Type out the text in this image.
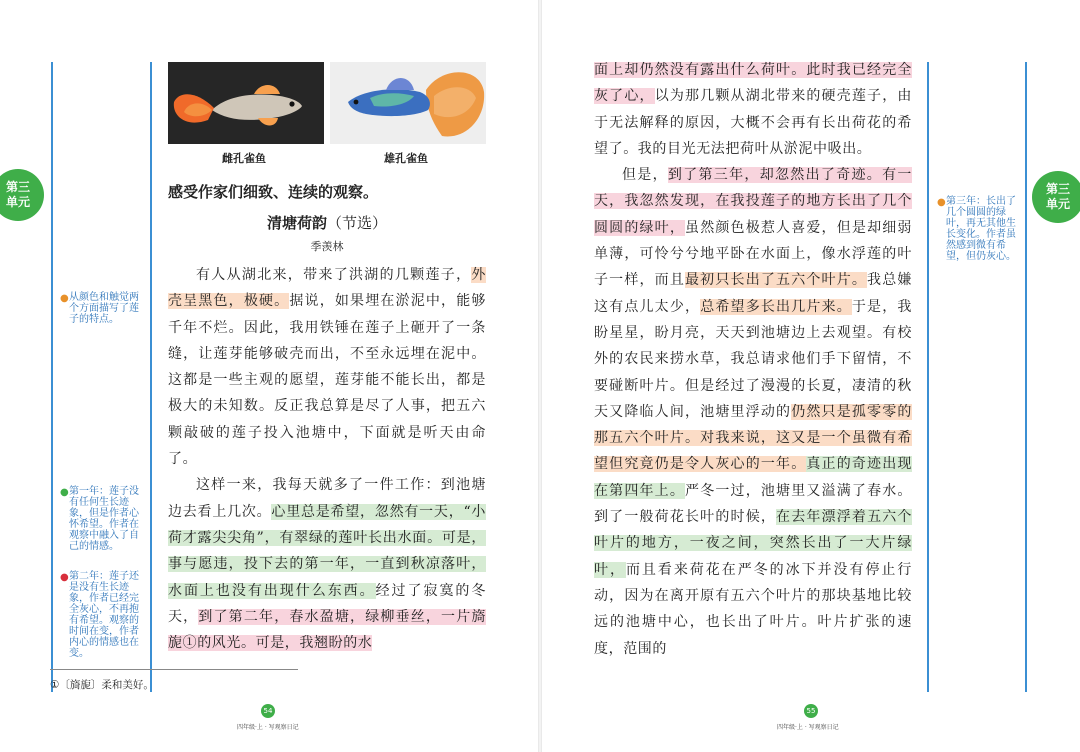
第三单元
● 从颜色和触觉两个方面描写了莲子的特点。
● 第一年：莲子没有任何生长迹象，但是作者心怀希望。作者在观察中融入了自己的情感。
● 第二年：莲子还是没有生长迹象，作者已经完全灰心，不再抱有希望。观察的时间在变，作者内心的情感也在变。
雌孔雀鱼	雄孔雀鱼
感受作家们细致、连续的观察。
清塘荷韵（节选）
季羡林

有人从湖北来，带来了洪湖的几颗莲子，外壳呈黑色，极硬。据说，如果埋在淤泥中，能够千年不烂。因此，我用铁锤在莲子上砸开了一条缝，让莲芽能够破壳而出，不至永远埋在泥中。这都是一些主观的愿望，莲芽能不能长出，都是极大的未知数。反正我总算是尽了人事，把五六颗敲破的莲子投入池塘中，下面就是听天由命了。

这样一来，我每天就多了一件工作：到池塘边去看上几次。心里总是希望，忽然有一天，“小荷才露尖尖角”，有翠绿的莲叶长出水面。可是，事与愿违，投下去的第一年，一直到秋凉落叶，水面上也没有出现什么东西。经过了寂寞的冬天，到了第二年，春水盈塘，绿柳垂丝，一片旖旎①的风光。可是，我翘盼的水

①〔旖旎〕柔和美好。
54
四年级·上 · 写观察日记

面上却仍然没有露出什么荷叶。此时我已经完全灰了心，以为那几颗从湖北带来的硬壳莲子，由于无法解释的原因，大概不会再有长出荷花的希望了。我的目光无法把荷叶从淤泥中吸出。

但是，到了第三年，却忽然出了奇迹。有一天，我忽然发现，在我投莲子的地方长出了几个圆圆的绿叶，虽然颜色极惹人喜爱，但是却细弱单薄，可怜兮兮地平卧在水面上，像水浮莲的叶子一样，而且最初只长出了五六个叶片。我总嫌这有点儿太少，总希望多长出几片来。于是，我盼星星，盼月亮，天天到池塘边上去观望。有校外的农民来捞水草，我总请求他们手下留情，不要碰断叶片。但是经过了漫漫的长夏，凄清的秋天又降临人间，池塘里浮动的仍然只是孤零零的那五六个叶片。对我来说，这又是一个虽微有希望但究竟仍是令人灰心的一年。真正的奇迹出现在第四年上。严冬一过，池塘里又溢满了春水。到了一般荷花长叶的时候，在去年漂浮着五六个叶片的地方，一夜之间，突然长出了一大片绿叶，而且看来荷花在严冬的冰下并没有停止行动，因为在离开原有五六个叶片的那块基地比较远的池塘中心，也长出了叶片。叶片扩张的速度，范围的

● 第三年：长出了几个圆圆的绿叶，再无其他生长变化。作者虽然感到微有希望，但仍灰心。
第三单元
55
四年级·上 · 写观察日记
